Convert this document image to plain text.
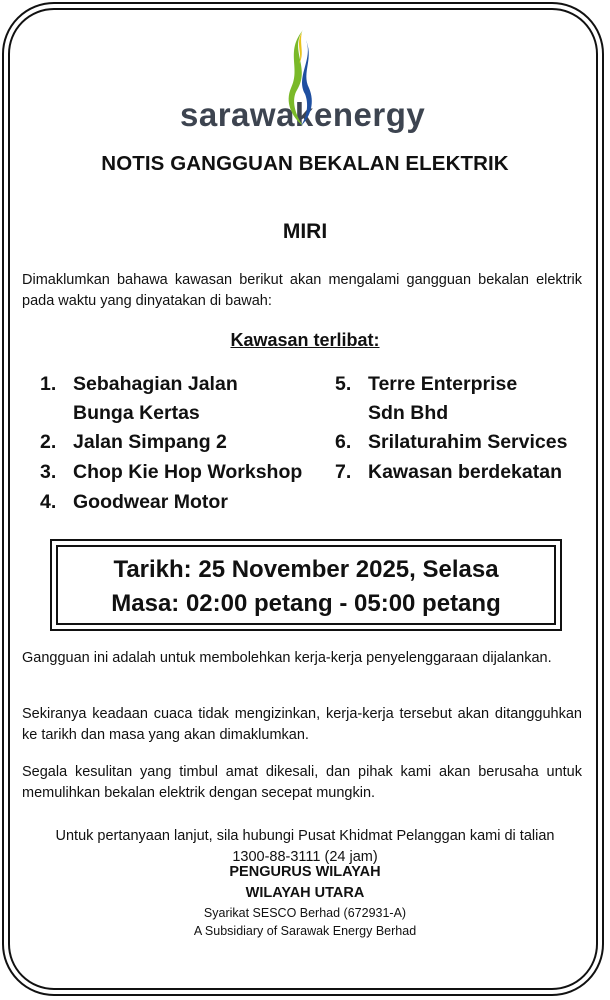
sarawak energy
NOTIS GANGGUAN BEKALAN ELEKTRIK
MIRI
Dimaklumkan bahawa kawasan berikut akan mengalami gangguan bekalan elektrik pada waktu yang dinyatakan di bawah:
Kawasan terlibat:
1. Sebahagian Jalan
Bunga Kertas
2. Jalan Simpang 2
3. Chop Kie Hop Workshop
4. Goodwear Motor
5. Terre Enterprise
Sdn Bhd
6. Srilaturahim Services
7. Kawasan berdekatan
Tarikh: 25 November 2025, Selasa
Masa: 02:00 petang - 05:00 petang
Gangguan ini adalah untuk membolehkan kerja-kerja penyelenggaraan dijalankan.
Sekiranya keadaan cuaca tidak mengizinkan, kerja-kerja tersebut akan ditangguhkan ke tarikh dan masa yang akan dimaklumkan.
Segala kesulitan yang timbul amat dikesali, dan pihak kami akan berusaha untuk memulihkan bekalan elektrik dengan secepat mungkin.
Untuk pertanyaan lanjut, sila hubungi Pusat Khidmat Pelanggan kami di talian
1300-88-3111 (24 jam)
PENGURUS WILAYAH
WILAYAH UTARA
Syarikat SESCO Berhad (672931-A)
A Subsidiary of Sarawak Energy Berhad
